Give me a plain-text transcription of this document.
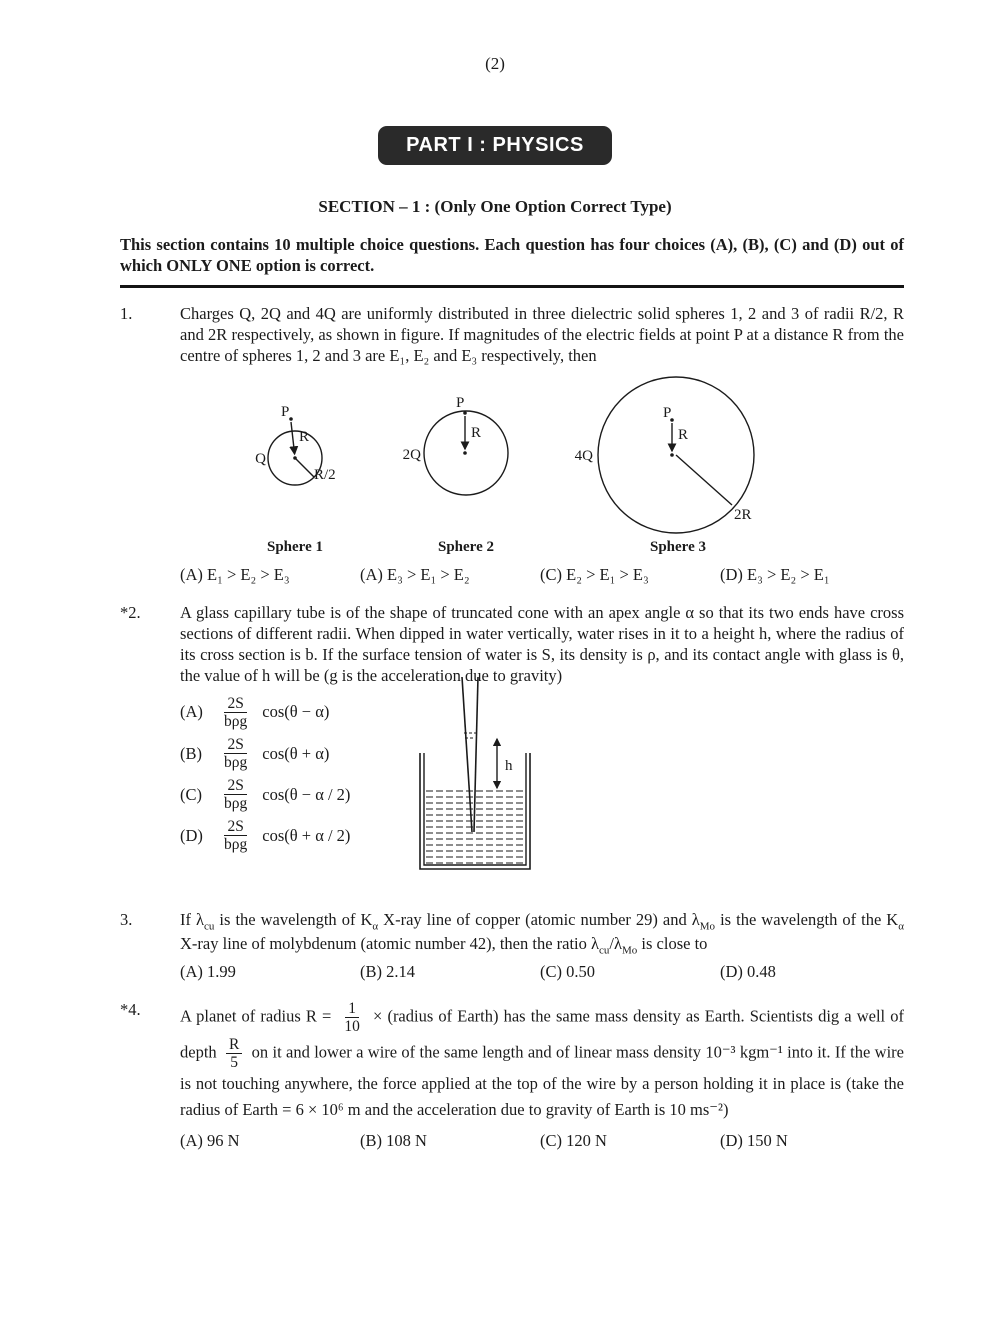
(2)
PART I : PHYSICS
SECTION – 1 : (Only One Option Correct Type)
This section contains 10 multiple choice questions. Each question has four choices (A), (B), (C) and (D) out of which ONLY ONE option is correct.
1.	Charges Q, 2Q and 4Q are uniformly distributed in three dielectric solid spheres 1, 2 and 3 of radii R/2, R and 2R respectively, as shown in figure. If magnitudes of the electric fields at point P at a distance R from the centre of spheres 1, 2 and 3 are E₁, E₂ and E₃ respectively, then

P
R
Q
R/2
Sphere 1
P
R
2Q
Sphere 2
P
R
4Q
2R
Sphere 3
(A) E₁ > E₂ > E₃	(A) E₃ > E₁ > E₂	(C) E₂ > E₁ > E₃	(D) E₃ > E₂ > E₁
*2.	A glass capillary tube is of the shape of truncated cone with an apex angle α so that its two ends have cross sections of different radii. When dipped in water vertically, water rises in it to a height h, where the radius of its cross section is b. If the surface tension of water is S, its density is ρ, and its contact angle with glass is θ, the value of h will be (g is the acceleration due to gravity)

(A)	$\frac{2S}{\text{bρg}} \cos(\theta - \alpha)$
(B)	$\frac{2S}{\text{bρg}} \cos(\theta + \alpha)$
(C)	$\frac{2S}{\text{bρg}} \cos(\theta - \alpha / 2)$
(D)	$\frac{2S}{\text{bρg}} \cos(\theta + \alpha / 2)$
h
3.	If $\lambda_{cu}$ is the wavelength of $K_\alpha$ X-ray line of copper (atomic number 29) and $\lambda_{Mo}$ is the wavelength of the $K_\alpha$ X-ray line of molybdenum (atomic number 42), then the ratio $\lambda_{cu}/\lambda_{Mo}$ is close to

(A) 1.99	(B) 2.14	(C) 0.50	(D) 0.48
*4.	A planet of radius $R = \frac{1}{10}$ × (radius of Earth) has the same mass density as Earth. Scientists dig a well of depth $\frac{R}{5}$ on it and lower a wire of the same length and of linear mass density 10⁻³ kgm⁻¹ into it. If the wire is not touching anywhere, the force applied at the top of the wire by a person holding it in place is (take the radius of Earth = 6 × 10⁶ m and the acceleration due to gravity of Earth is 10 ms⁻²)

(A) 96 N	(B) 108 N	(C) 120 N	(D) 150 N
